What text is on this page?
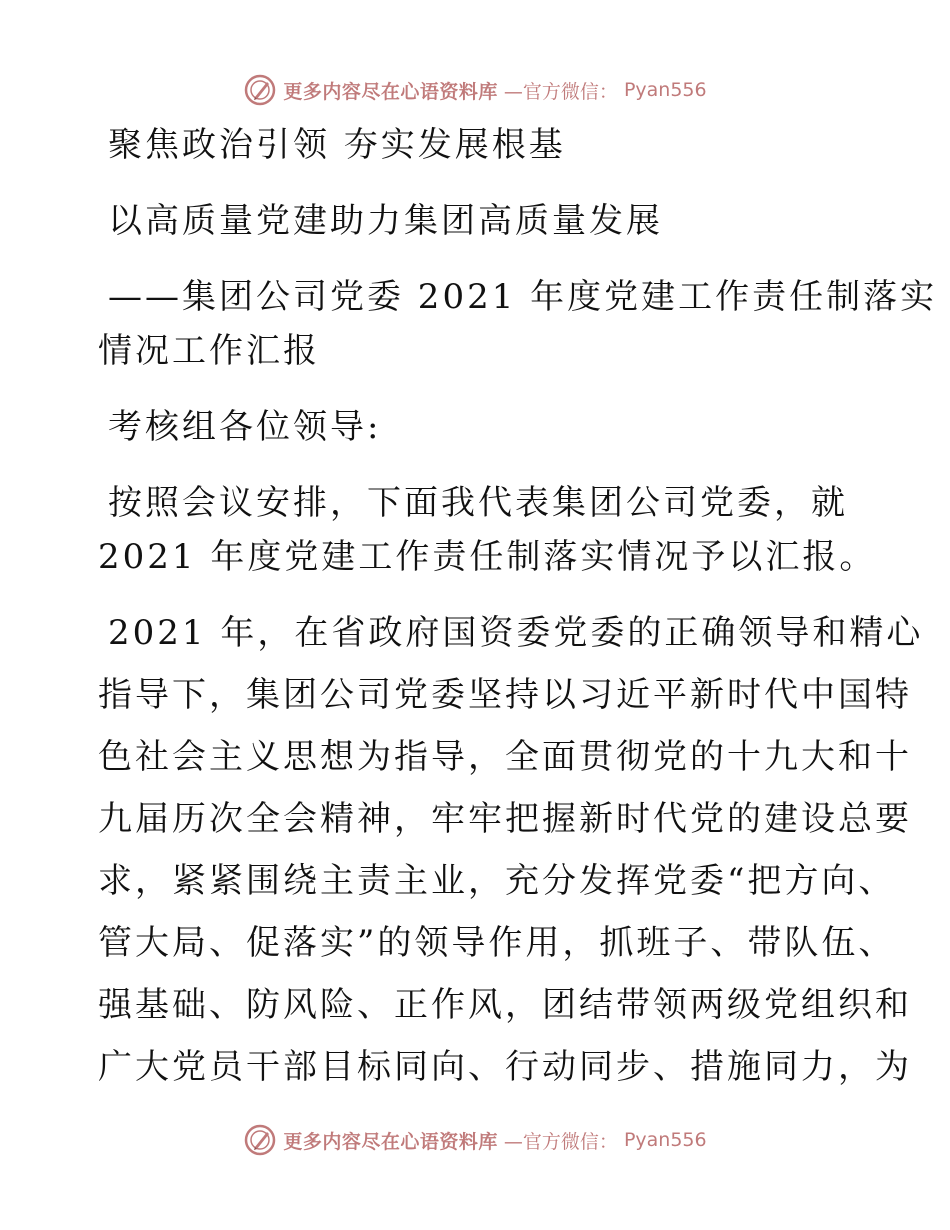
更多内容尽在心语资料库 —官方微信： Pyan556
聚焦政治引领 夯实发展根基
以高质量党建助力集团高质量发展
——集团公司党委 2021 年度党建工作责任制落实
情况工作汇报
考核组各位领导:
按照会议安排，下面我代表集团公司党委，就
2021 年度党建工作责任制落实情况予以汇报。
2021 年，在省政府国资委党委的正确领导和精心
指导下，集团公司党委坚持以习近平新时代中国特
色社会主义思想为指导，全面贯彻党的十九大和十
九届历次全会精神，牢牢把握新时代党的建设总要
求，紧紧围绕主责主业，充分发挥党委“把方向、
管大局、促落实”的领导作用，抓班子、带队伍、
强基础、防风险、正作风，团结带领两级党组织和
广大党员干部目标同向、行动同步、措施同力，为
更多内容尽在心语资料库 —官方微信： Pyan556
